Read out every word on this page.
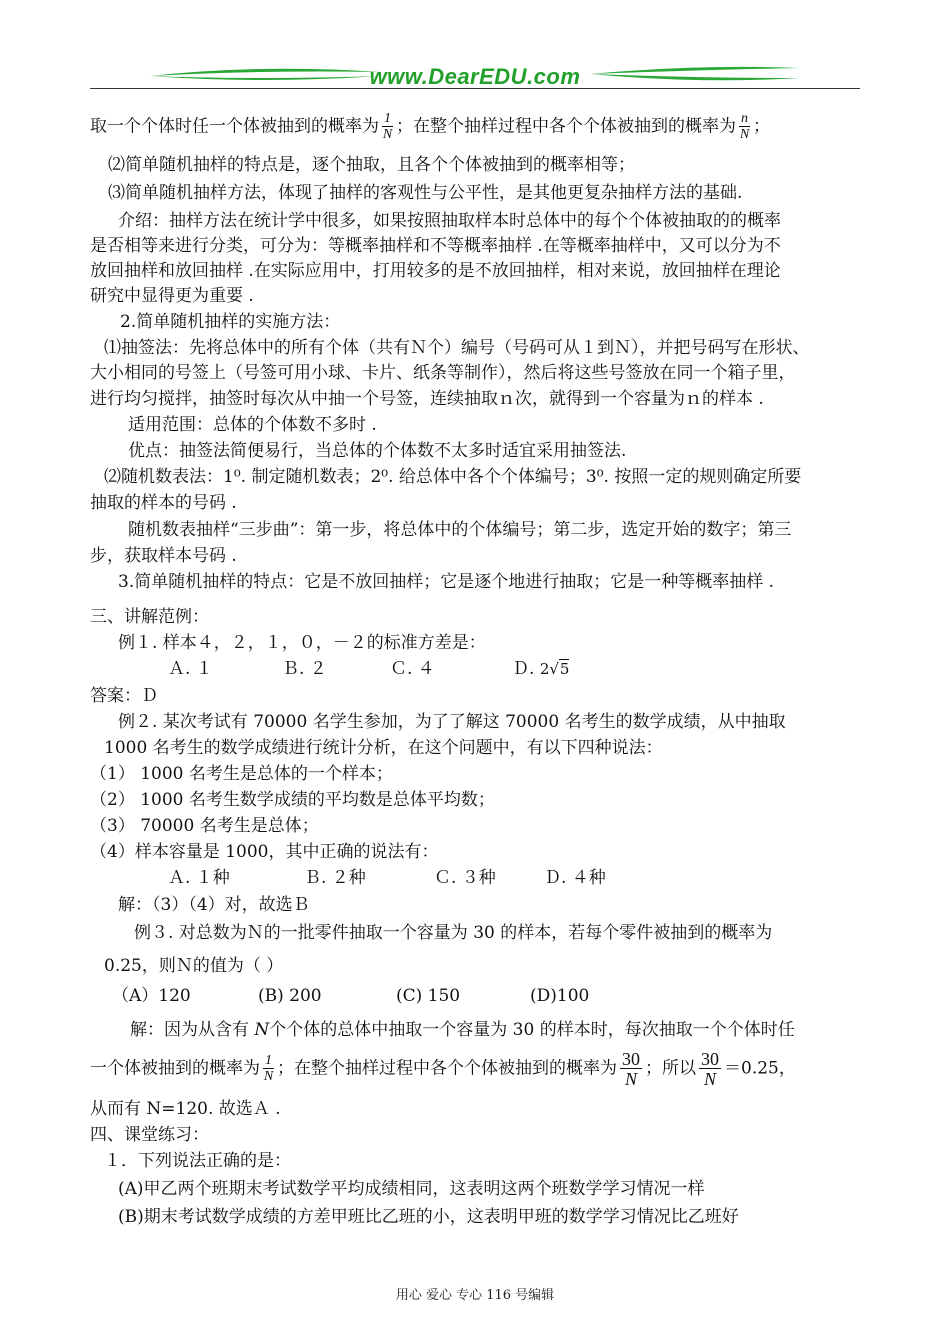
www.DearEDU.com
取一个个体时任一个体被抽到的概率为 $\frac{1}{N}$ ；在整个抽样过程中各个个体被抽到的概率为 $\frac{n}{N}$ ；
⑵简单随机抽样的特点是，逐个抽取，且各个个体被抽到的概率相等；
⑶简单随机抽样方法，体现了抽样的客观性与公平性，是其他更复杂抽样方法的基础.
介绍：抽样方法在统计学中很多，如果按照抽取样本时总体中的每个个体被抽取的的概率
是否相等来进行分类，可分为：等概率抽样和不等概率抽样 .在等概率抽样中，又可以分为不
放回抽样和放回抽样 .在实际应用中，打用较多的是不放回抽样，相对来说，放回抽样在理论
研究中显得更为重要 .
2.简单随机抽样的实施方法：
⑴抽签法：先将总体中的所有个体（共有Ｎ个）编号（号码可从１到Ｎ），并把号码写在形状、
大小相同的号签上（号签可用小球、卡片、纸条等制作），然后将这些号签放在同一个箱子里，
进行均匀搅拌，抽签时每次从中抽一个号签，连续抽取ｎ次，就得到一个容量为ｎ的样本 .
适用范围：总体的个体数不多时 .
优点：抽签法简便易行，当总体的个体数不太多时适宜采用抽签法.
⑵随机数表法：1⁰. 制定随机数表；2⁰. 给总体中各个个体编号；3⁰. 按照一定的规则确定所要
抽取的样本的号码 .
随机数表抽样“三步曲”：第一步，将总体中的个体编号；第二步，选定开始的数字；第三
步，获取样本号码 .
3.简单随机抽样的特点：它是不放回抽样；它是逐个地进行抽取；它是一种等概率抽样 .
三、讲解范例：
例１. 样本４，２，１，０，－２的标准方差是：
Ａ. １	Ｂ. ２	Ｃ. ４	Ｄ. 2√5
答案：Ｄ
例２. 某次考试有 70000 名学生参加，为了了解这 70000 名考生的数学成绩，从中抽取
1000 名考生的数学成绩进行统计分析，在这个问题中，有以下四种说法：
（1） 1000 名考生是总体的一个样本；
（2） 1000 名考生数学成绩的平均数是总体平均数；
（3） 70000 名考生是总体；
（4）样本容量是 1000，其中正确的说法有：
Ａ. １种	Ｂ. ２种	Ｃ. ３种	Ｄ. ４种
解：（3）（4）对，故选Ｂ
例３. 对总数为Ｎ的一批零件抽取一个容量为 30 的样本，若每个零件被抽到的概率为
0.25，则Ｎ的值为（ ）
（A）120	(B) 200	(C) 150	(D)100
解：因为从含有 N个个体的总体中抽取一个容量为 30 的样本时，每次抽取一个个体时任
一个体被抽到的概率为 $\frac{1}{N}$ ；在整个抽样过程中各个个体被抽到的概率为 $\frac{30}{N}$ ；所以 $\frac{30}{N} =0.25$，
从而有 N=120. 故选Ａ .
四、课堂练习：
１．下列说法正确的是：
(A)甲乙两个班期末考试数学平均成绩相同，这表明这两个班数学学习情况一样
(B)期末考试数学成绩的方差甲班比乙班的小，这表明甲班的数学学习情况比乙班好
用心 爱心 专心 116 号编辑
